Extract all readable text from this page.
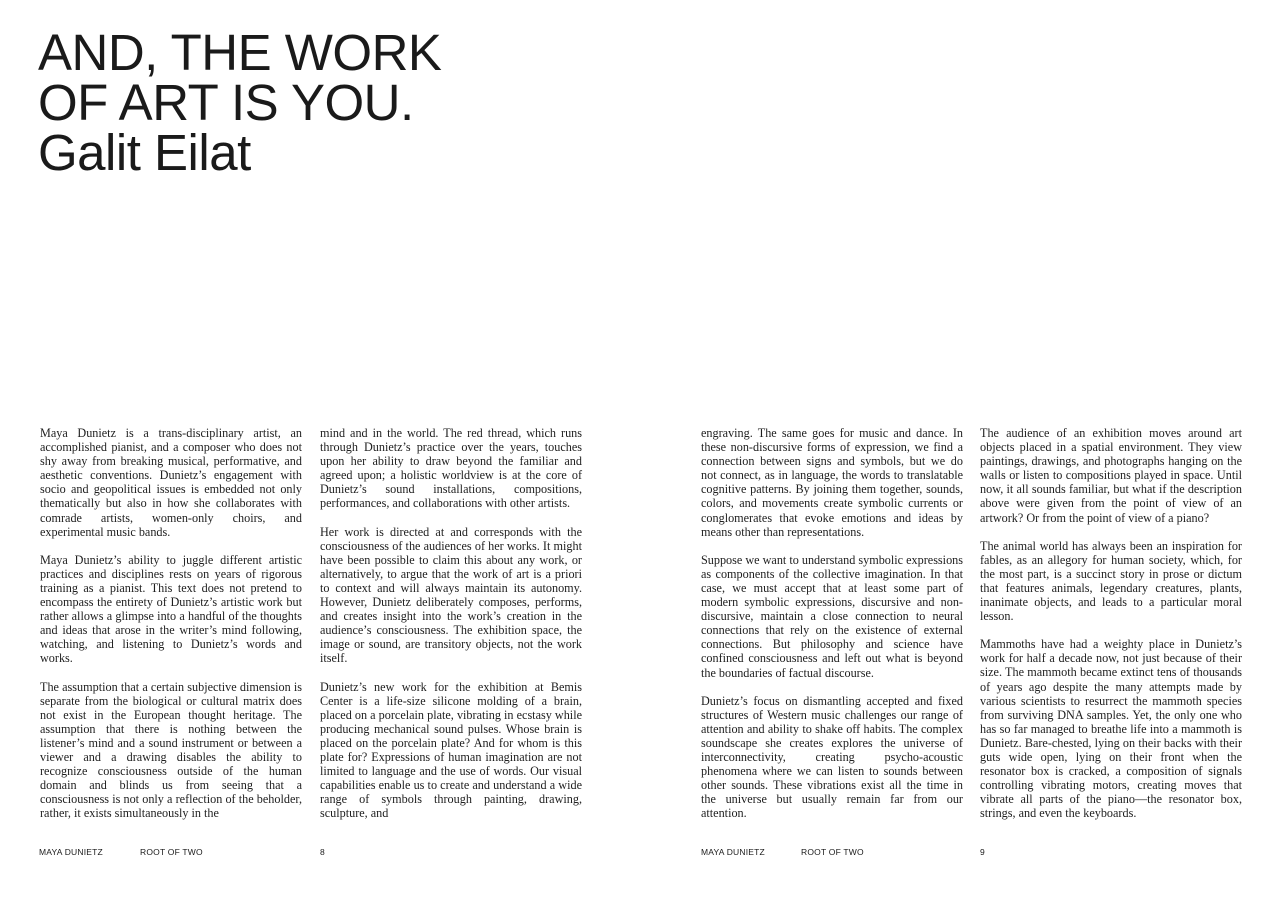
AND, THE WORK
OF ART IS YOU.
Galit Eilat

Maya Dunietz is a trans-disciplinary artist, an accomplished pianist, and a composer who does not shy away from breaking musical, performative, and aesthetic conventions. Dunietz’s engagement with socio and geopolitical issues is embedded not only thematically but also in how she collaborates with comrade artists, women-only choirs, and experimental music bands.

Maya Dunietz’s ability to juggle different artistic practices and disciplines rests on years of rigorous training as a pianist. This text does not pretend to encompass the entirety of Dunietz’s artistic work but rather allows a glimpse into a handful of the thoughts and ideas that arose in the writer’s mind following, watching, and listening to Dunietz’s words and works.

The assumption that a certain subjective dimension is separate from the biological or cultural matrix does not exist in the European thought heritage. The assumption that there is nothing between the listener’s mind and a sound instrument or between a viewer and a drawing disables the ability to recognize consciousness outside of the human domain and blinds us from seeing that a consciousness is not only a reflection of the beholder, rather, it exists simultaneously in the

mind and in the world. The red thread, which runs through Dunietz’s practice over the years, touches upon her ability to draw beyond the familiar and agreed upon; a holistic worldview is at the core of Dunietz’s sound installations, compositions, performances, and collaborations with other artists.

Her work is directed at and corresponds with the consciousness of the audiences of her works. It might have been possible to claim this about any work, or alternatively, to argue that the work of art is a priori to context and will always maintain its autonomy. However, Dunietz deliberately composes, performs, and creates insight into the work’s creation in the audience’s consciousness. The exhibition space, the image or sound, are transitory objects, not the work itself.

Dunietz’s new work for the exhibition at Bemis Center is a life-size silicone molding of a brain, placed on a porcelain plate, vibrating in ecstasy while producing mechanical sound pulses. Whose brain is placed on the porcelain plate? And for whom is this plate for? Expressions of human imagination are not limited to language and the use of words. Our visual capabilities enable us to create and understand a wide range of symbols through painting, drawing, sculpture, and

engraving. The same goes for music and dance. In these non-discursive forms of expression, we find a connection between signs and symbols, but we do not connect, as in language, the words to translatable cognitive patterns. By joining them together, sounds, colors, and movements create symbolic currents or conglomerates that evoke emotions and ideas by means other than representations.

Suppose we want to understand symbolic expressions as components of the collective imagination. In that case, we must accept that at least some part of modern symbolic expressions, discursive and non-discursive, maintain a close connection to neural connections that rely on the existence of external connections. But philosophy and science have confined consciousness and left out what is beyond the boundaries of factual discourse.

Dunietz’s focus on dismantling accepted and fixed structures of Western music challenges our range of attention and ability to shake off habits. The complex soundscape she creates explores the universe of interconnectivity, creating psycho-acoustic phenomena where we can listen to sounds between other sounds. These vibrations exist all the time in the universe but usually remain far from our attention.

The audience of an exhibition moves around art objects placed in a spatial environment. They view paintings, drawings, and photographs hanging on the walls or listen to compositions played in space. Until now, it all sounds familiar, but what if the description above were given from the point of view of an artwork? Or from the point of view of a piano?

The animal world has always been an inspiration for fables, as an allegory for human society, which, for the most part, is a succinct story in prose or dictum that features animals, legendary creatures, plants, inanimate objects, and leads to a particular moral lesson.

Mammoths have had a weighty place in Dunietz’s work for half a decade now, not just because of their size. The mammoth became extinct tens of thousands of years ago despite the many attempts made by various scientists to resurrect the mammoth species from surviving DNA samples. Yet, the only one who has so far managed to breathe life into a mammoth is Dunietz. Bare-chested, lying on their backs with their guts wide open, lying on their front when the resonator box is cracked, a composition of signals controlling vibrating motors, creating moves that vibrate all parts of the piano—the resonator box, strings, and even the keyboards.

MAYA DUNIETZ	ROOT OF TWO	8	MAYA DUNIETZ	ROOT OF TWO	9
